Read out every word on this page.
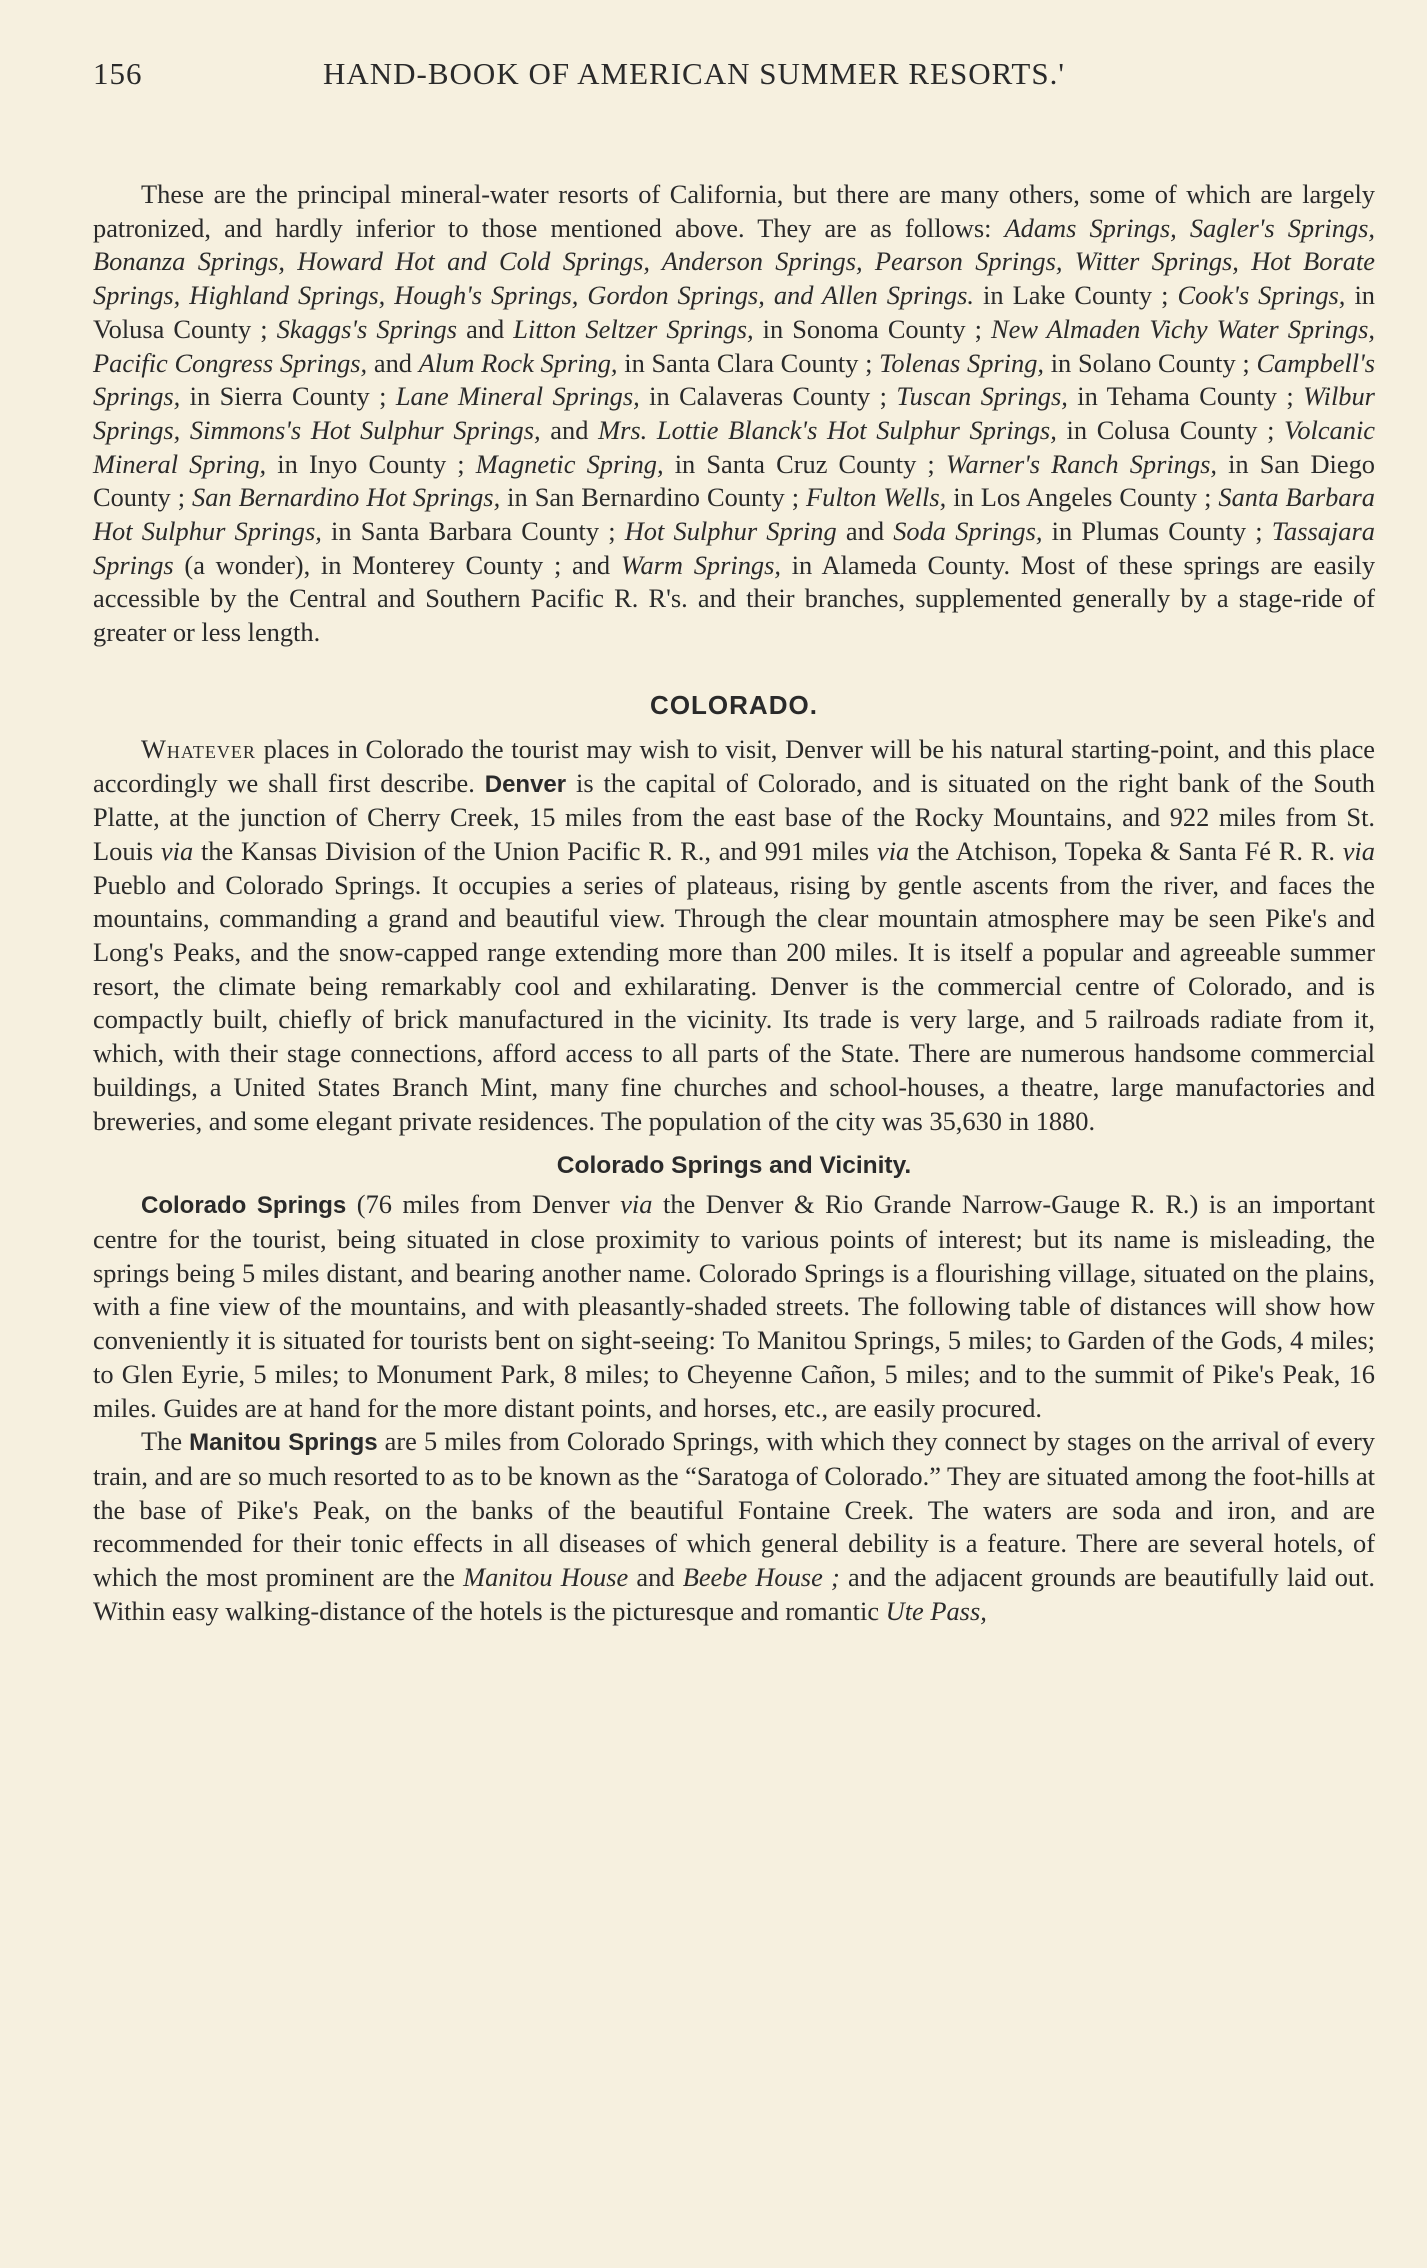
156	HAND-BOOK OF AMERICAN SUMMER RESORTS.'

These are the principal mineral-water resorts of California, but there are many others, some of which are largely patronized, and hardly inferior to those mentioned above. They are as follows: Adams Springs, Sagler's Springs, Bonanza Springs, Howard Hot and Cold Springs, Anderson Springs, Pearson Springs, Witter Springs, Hot Borate Springs, Highland Springs, Hough's Springs, Gordon Springs, and Allen Springs. in Lake County ; Cook's Springs, in Volusa County ; Skaggs's Springs and Litton Seltzer Springs, in Sonoma County ; New Almaden Vichy Water Springs, Pacific Congress Springs, and Alum Rock Spring, in Santa Clara County ; Tolenas Spring, in Solano County ; Campbell's Springs, in Sierra County ; Lane Mineral Springs, in Calaveras County ; Tuscan Springs, in Tehama County ; Wilbur Springs, Simmons's Hot Sulphur Springs, and Mrs. Lottie Blanck's Hot Sulphur Springs, in Colusa County ; Volcanic Mineral Spring, in Inyo County ; Magnetic Spring, in Santa Cruz County ; Warner's Ranch Springs, in San Diego County ; San Bernardino Hot Springs, in San Bernardino County ; Fulton Wells, in Los Angeles County ; Santa Barbara Hot Sulphur Springs, in Santa Barbara County ; Hot Sulphur Spring and Soda Springs, in Plumas County ; Tassajara Springs (a wonder), in Monterey County ; and Warm Springs, in Alameda County. Most of these springs are easily accessible by the Central and Southern Pacific R. R's. and their branches, supplemented generally by a stage-ride of greater or less length.

COLORADO.

Whatever places in Colorado the tourist may wish to visit, Denver will be his natural starting-point, and this place accordingly we shall first describe. Denver is the capital of Colorado, and is situated on the right bank of the South Platte, at the junction of Cherry Creek, 15 miles from the east base of the Rocky Mountains, and 922 miles from St. Louis via the Kansas Division of the Union Pacific R. R., and 991 miles via the Atchison, Topeka & Santa Fé R. R. via Pueblo and Colorado Springs. It occupies a series of plateaus, rising by gentle ascents from the river, and faces the mountains, commanding a grand and beautiful view. Through the clear mountain atmosphere may be seen Pike's and Long's Peaks, and the snow-capped range extending more than 200 miles. It is itself a popular and agreeable summer resort, the climate being remarkably cool and exhilarating. Denver is the commercial centre of Colorado, and is compactly built, chiefly of brick manufactured in the vicinity. Its trade is very large, and 5 railroads radiate from it, which, with their stage connections, afford access to all parts of the State. There are numerous handsome commercial buildings, a United States Branch Mint, many fine churches and school-houses, a theatre, large manufactories and breweries, and some elegant private residences. The population of the city was 35,630 in 1880.

Colorado Springs and Vicinity.

Colorado Springs (76 miles from Denver via the Denver & Rio Grande Narrow-Gauge R. R.) is an important centre for the tourist, being situated in close proximity to various points of interest; but its name is misleading, the springs being 5 miles distant, and bearing another name. Colorado Springs is a flourishing village, situated on the plains, with a fine view of the mountains, and with pleasantly-shaded streets. The following table of distances will show how conveniently it is situated for tourists bent on sight-seeing: To Manitou Springs, 5 miles; to Garden of the Gods, 4 miles; to Glen Eyrie, 5 miles; to Monument Park, 8 miles; to Cheyenne Cañon, 5 miles; and to the summit of Pike's Peak, 16 miles. Guides are at hand for the more distant points, and horses, etc., are easily procured.

The Manitou Springs are 5 miles from Colorado Springs, with which they connect by stages on the arrival of every train, and are so much resorted to as to be known as the “Saratoga of Colorado.” They are situated among the foot-hills at the base of Pike's Peak, on the banks of the beautiful Fontaine Creek. The waters are soda and iron, and are recommended for their tonic effects in all diseases of which general debility is a feature. There are several hotels, of which the most prominent are the Manitou House and Beebe House ; and the adjacent grounds are beautifully laid out. Within easy walking-distance of the hotels is the picturesque and romantic Ute Pass,
